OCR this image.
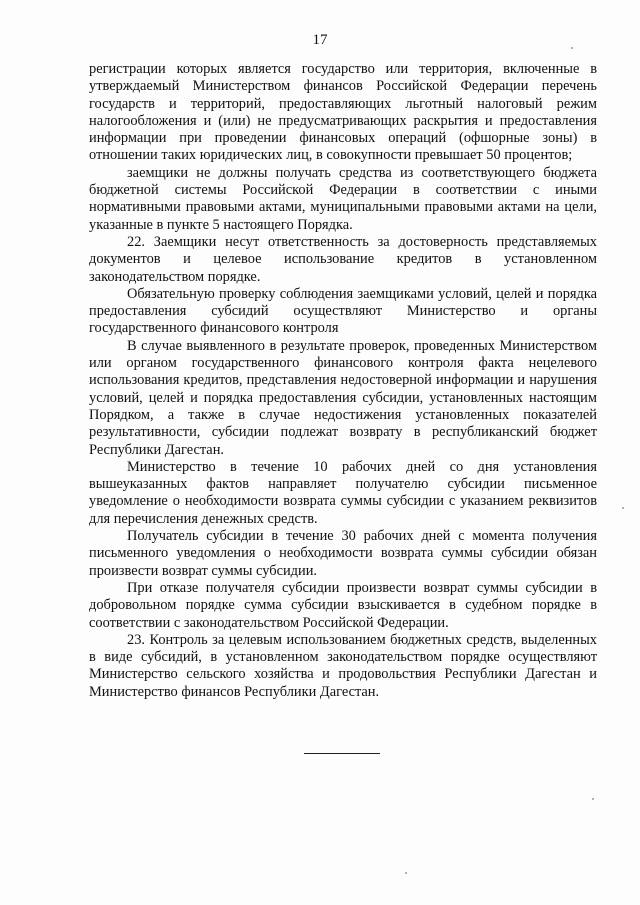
17

регистрации которых является государство или территория, включенные в утверждаемый Министерством финансов Российской Федерации перечень государств и территорий, предоставляющих льготный налоговый режим налогообложения и (или) не предусматривающих раскрытия и предоставления информации при проведении финансовых операций (офшорные зоны) в отношении таких юридических лиц, в совокупности превышает 50 процентов;

заемщики не должны получать средства из соответствующего бюджета бюджетной системы Российской Федерации в соответствии с иными нормативными правовыми актами, муниципальными правовыми актами на цели, указанные в пункте 5 настоящего Порядка.

22. Заемщики несут ответственность за достоверность представляемых документов и целевое использование кредитов в установленном законодательством порядке.

Обязательную проверку соблюдения заемщиками условий, целей и порядка предоставления субсидий осуществляют Министерство и органы государственного финансового контроля

В случае выявленного в результате проверок, проведенных Министерством или органом государственного финансового контроля факта нецелевого использования кредитов, представления недостоверной информации и нарушения условий, целей и порядка предоставления субсидии, установленных настоящим Порядком, а также в случае недостижения установленных показателей результативности, субсидии подлежат возврату в республиканский бюджет Республики Дагестан.

Министерство в течение 10 рабочих дней со дня установления вышеуказанных фактов направляет получателю субсидии письменное уведомление о необходимости возврата суммы субсидии с указанием реквизитов для перечисления денежных средств.

Получатель субсидии в течение 30 рабочих дней с момента получения письменного уведомления о необходимости возврата суммы субсидии обязан произвести возврат суммы субсидии.

При отказе получателя субсидии произвести возврат суммы субсидии в добровольном порядке сумма субсидии взыскивается в судебном порядке в соответствии с законодательством Российской Федерации.

23. Контроль за целевым использованием бюджетных средств, выделенных в виде субсидий, в установленном законодательством порядке осуществляют Министерство сельского хозяйства и продовольствия Республики Дагестан и Министерство финансов Республики Дагестан.
